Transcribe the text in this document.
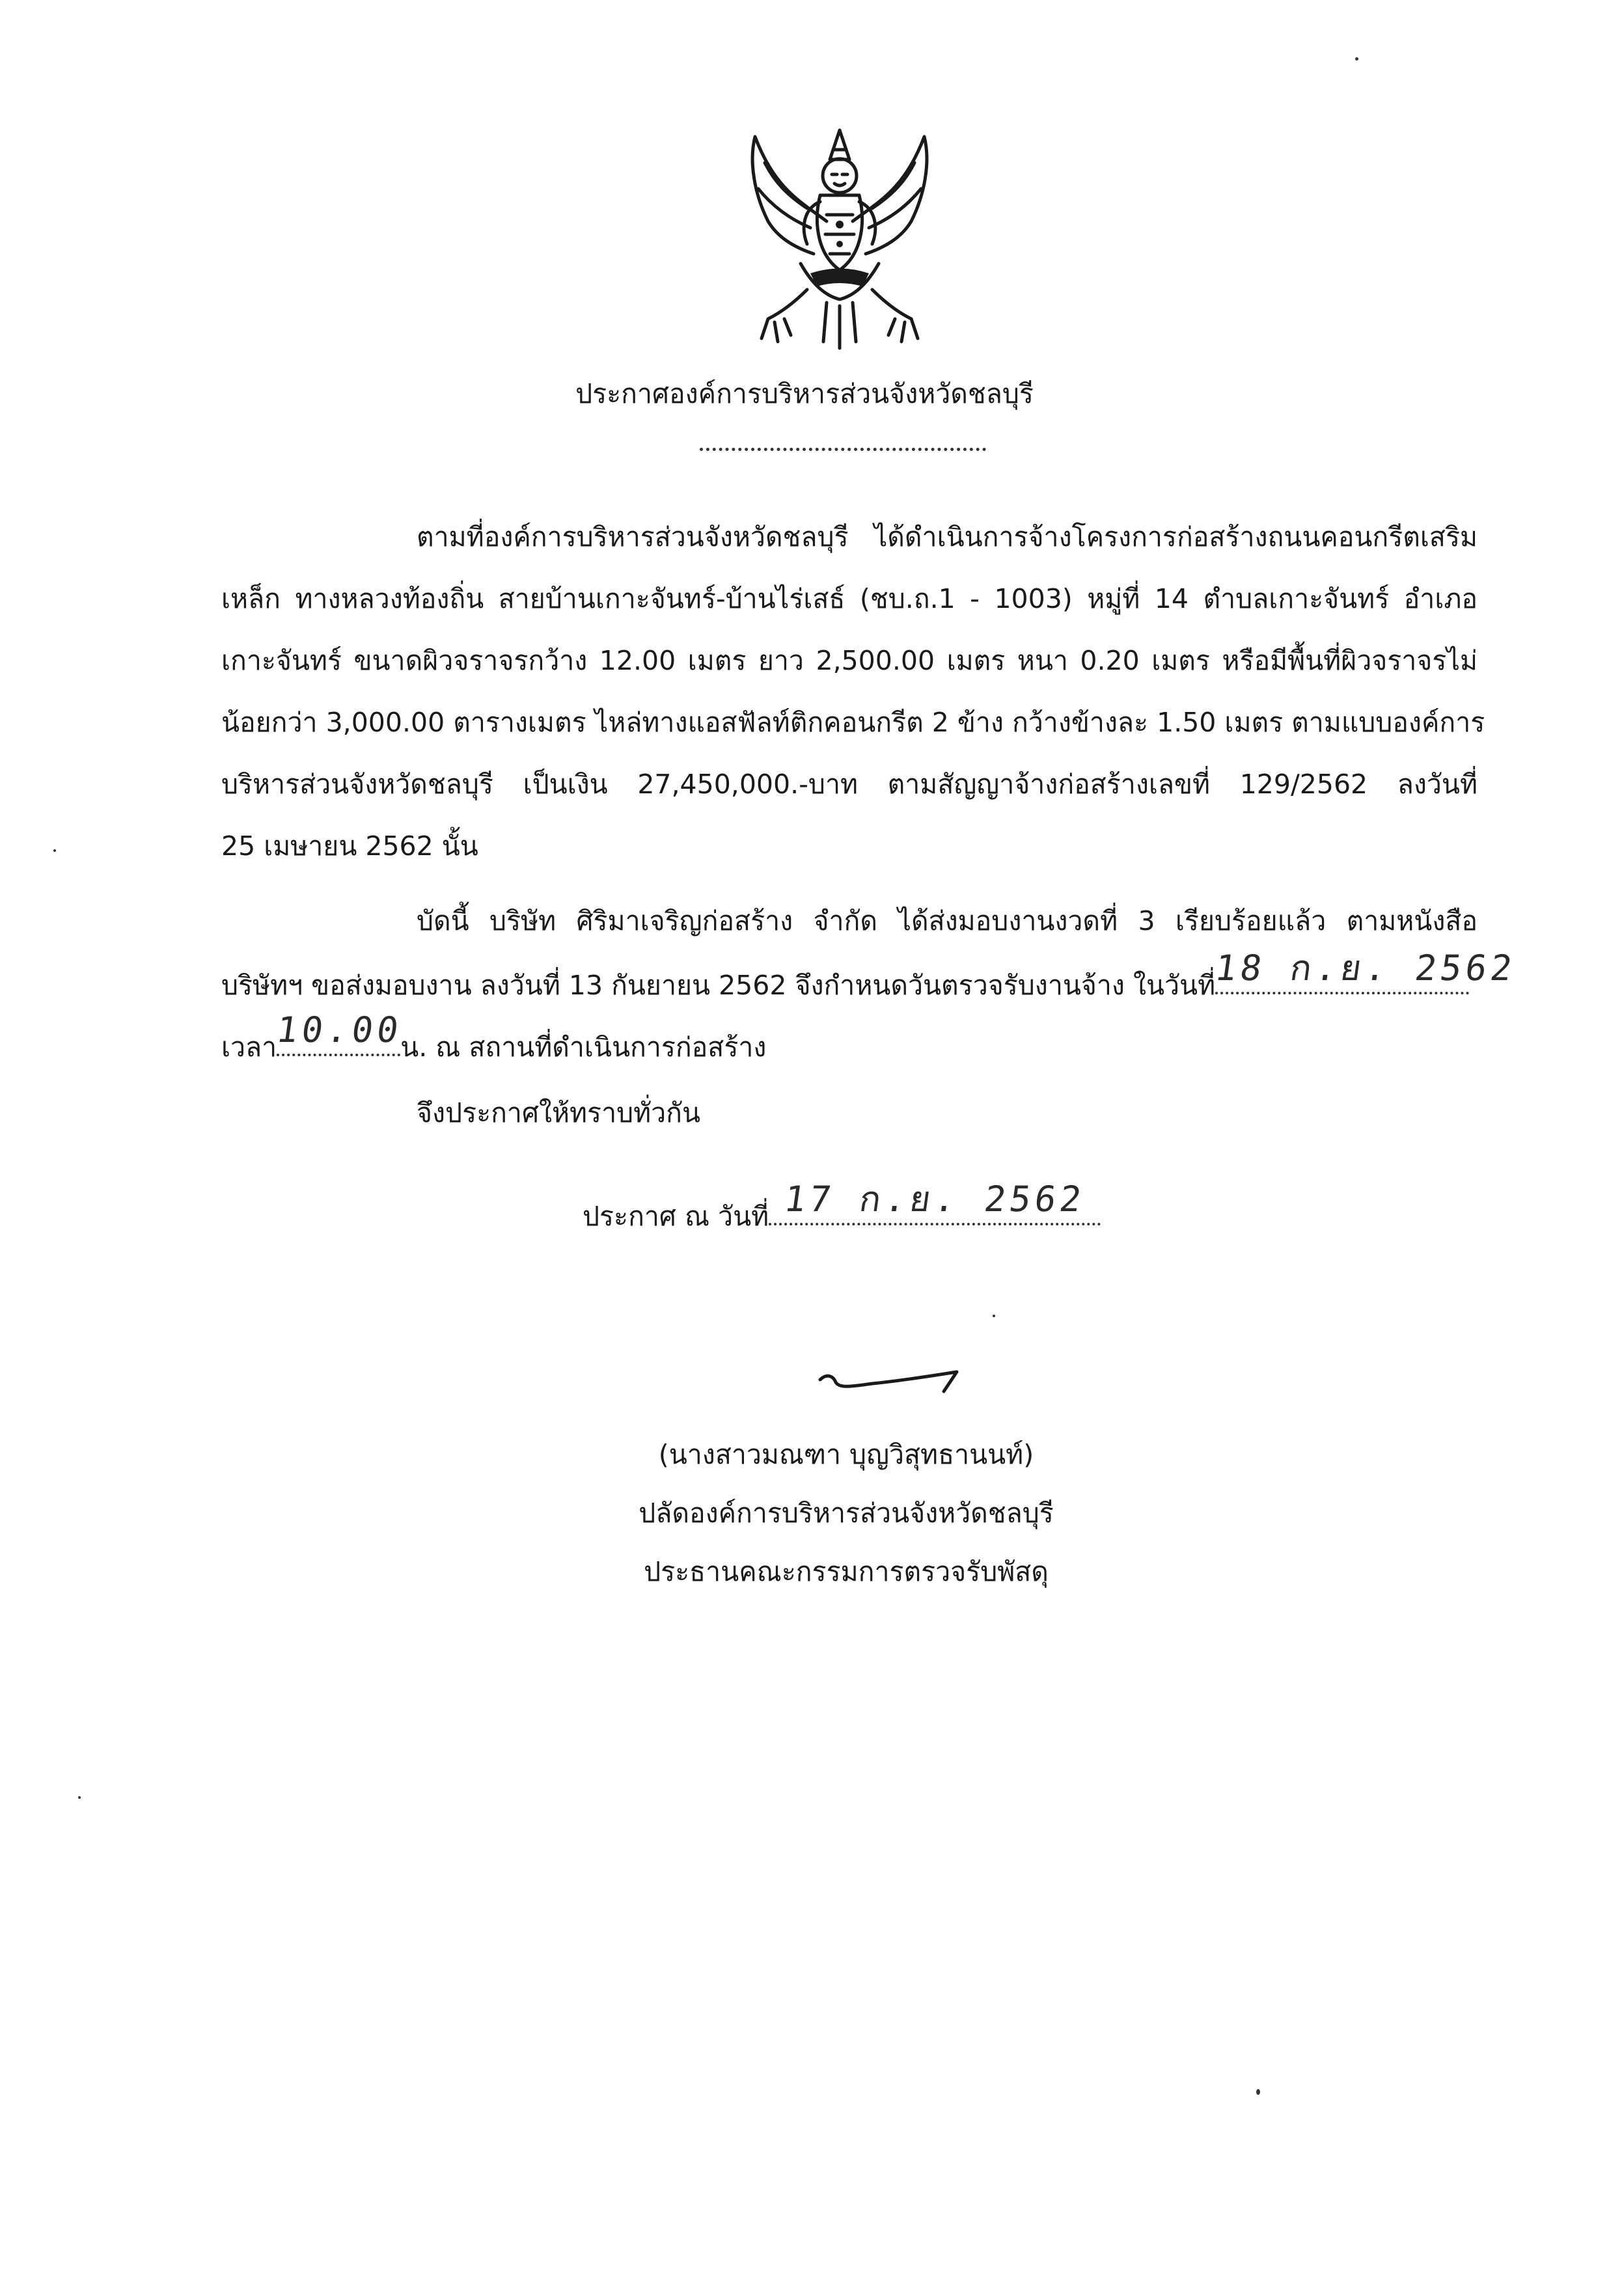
ประกาศองค์การบริหารส่วนจังหวัดชลบุรี
ตามที่องค์การบริหารส่วนจังหวัดชลบุรี ได้ดำเนินการจ้างโครงการก่อสร้างถนนคอนกรีตเสริม
เหล็ก ทางหลวงท้องถิ่น สายบ้านเกาะจันทร์-บ้านไร่เสธ์ (ชบ.ถ.1 - 1003) หมู่ที่ 14 ตำบลเกาะจันทร์ อำเภอ
เกาะจันทร์ ขนาดผิวจราจรกว้าง 12.00 เมตร ยาว 2,500.00 เมตร หนา 0.20 เมตร หรือมีพื้นที่ผิวจราจรไม่
น้อยกว่า 3,000.00 ตารางเมตร ไหล่ทางแอสฟัลท์ติกคอนกรีต 2 ข้าง กว้างข้างละ 1.50 เมตร ตามแบบองค์การ
บริหารส่วนจังหวัดชลบุรี เป็นเงิน 27,450,000.-บาท ตามสัญญาจ้างก่อสร้างเลขที่ 129/2562 ลงวันที่
25 เมษายน 2562 นั้น
บัดนี้ บริษัท ศิริมาเจริญก่อสร้าง จำกัด ได้ส่งมอบงานงวดที่ 3 เรียบร้อยแล้ว ตามหนังสือ
บริษัทฯ ขอส่งมอบงาน ลงวันที่ 13 กันยายน 2562 จึงกำหนดวันตรวจรับงานจ้าง ในวันที่
18 ก.ย. 2562
เวลา
10.00
น. ณ สถานที่ดำเนินการก่อสร้าง
จึงประกาศให้ทราบทั่วกัน
ประกาศ ณ วันที่ 17 ก.ย. 2562
(นางสาวมณฑา บุญวิสุทธานนท์)
ปลัดองค์การบริหารส่วนจังหวัดชลบุรี
ประธานคณะกรรมการตรวจรับพัสดุ
